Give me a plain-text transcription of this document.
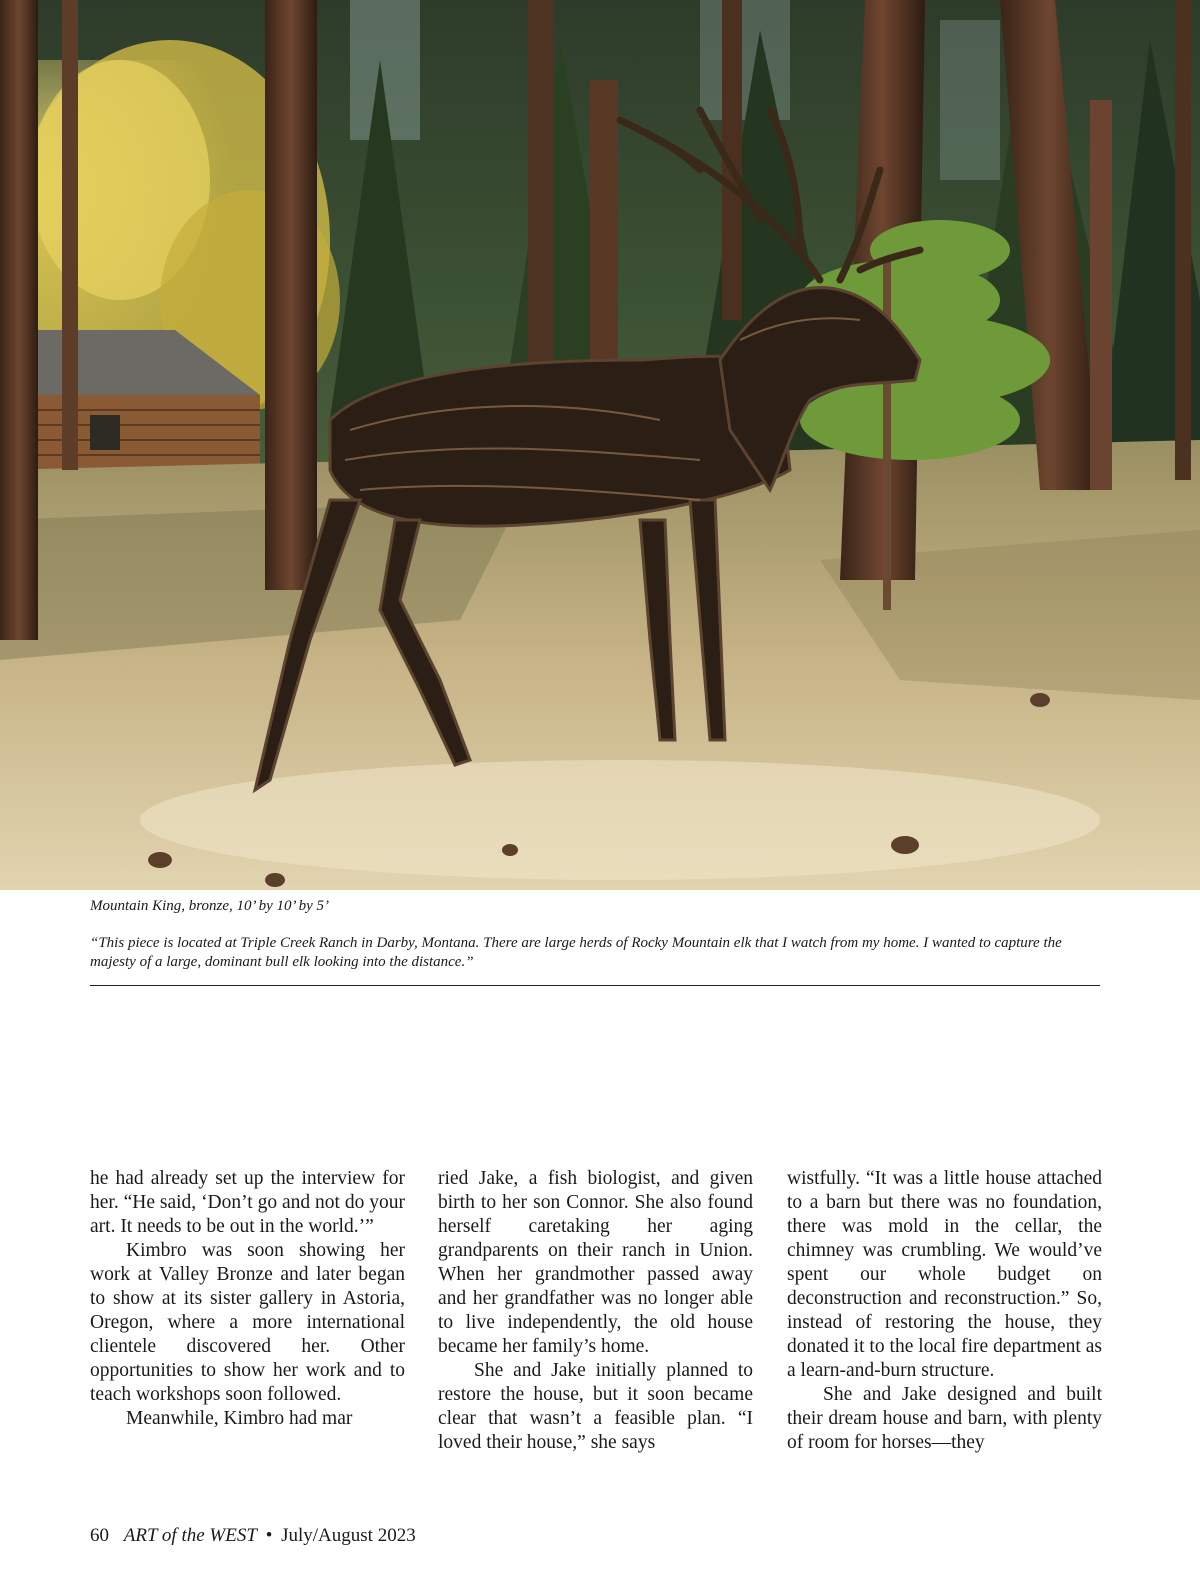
Mountain King, bronze, 10’ by 10’ by 5’

“This piece is located at Triple Creek Ranch in Darby, Montana. There are large herds of Rocky Mountain elk that I watch from my home. I wanted to capture the majesty of a large, dominant bull elk looking into the distance.”

he had already set up the interview for her. “He said, ‘Don’t go and not do your art. It needs to be out in the world.’”

Kimbro was soon showing her work at Valley Bronze and later began to show at its sister gallery in Astoria, Oregon, where a more international clientele discovered her. Other opportunities to show her work and to teach workshops soon followed.

Meanwhile, Kimbro had mar

ried Jake, a fish biologist, and given birth to her son Connor. She also found herself caretaking her aging grandparents on their ranch in Union. When her grandmother passed away and her grandfather was no longer able to live independently, the old house became her family’s home.

She and Jake initially planned to restore the house, but it soon became clear that wasn’t a feasible plan. “I loved their house,” she says

wistfully. “It was a little house attached to a barn but there was no foundation, there was mold in the cellar, the chimney was crumbling. We would’ve spent our whole budget on deconstruction and reconstruction.” So, instead of restoring the house, they donated it to the local fire department as a learn-and-burn structure.

She and Jake designed and built their dream house and barn, with plenty of room for horses—they

60 ART of the WEST • July/August 2023
